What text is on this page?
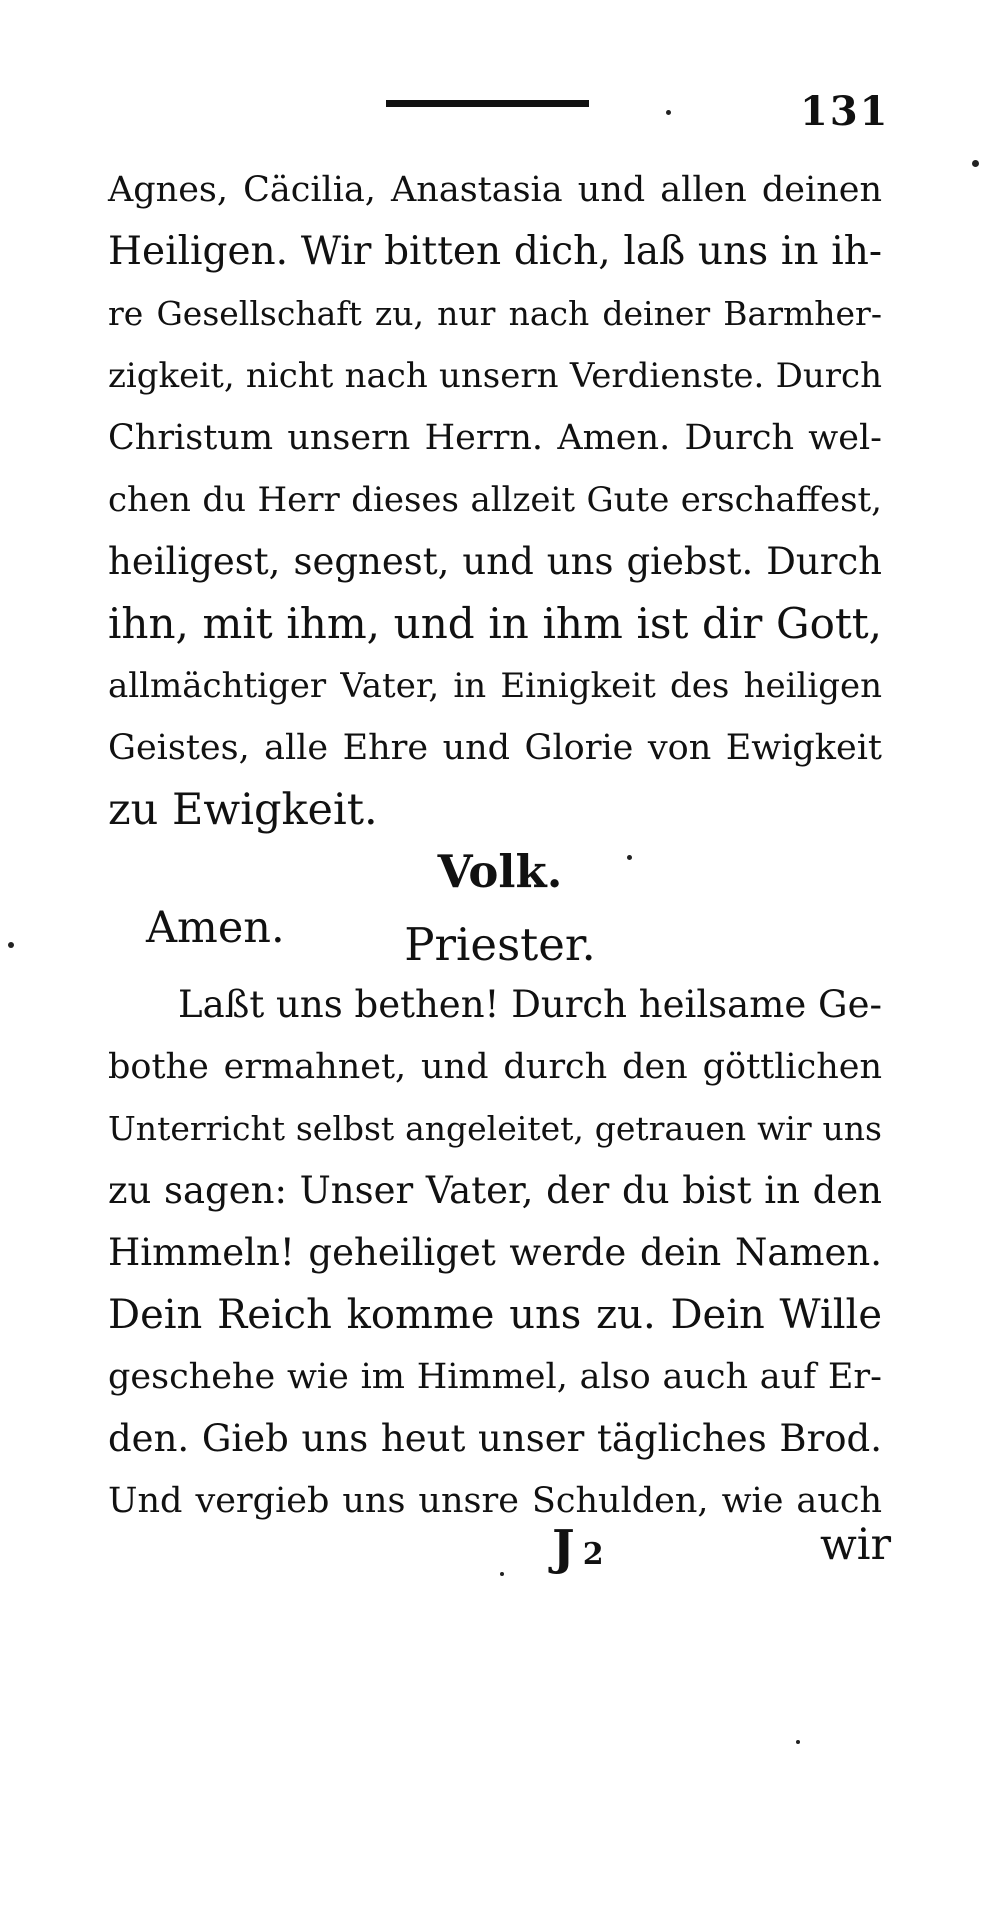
131
Agnes, Cäcilia, Anastasia und allen deinen
Heiligen. Wir bitten dich, laß uns in ih-
re Gesellschaft zu, nur nach deiner Barmher-
zigkeit, nicht nach unsern Verdienste. Durch
Christum unsern Herrn. Amen. Durch wel-
chen du Herr dieses allzeit Gute erschaffest,
heiligest, segnest, und uns giebst. Durch
ihn, mit ihm, und in ihm ist dir Gott,
allmächtiger Vater, in Einigkeit des heiligen
Geistes, alle Ehre und Glorie von Ewigkeit
zu Ewigkeit.
Volk.
Amen.	Priester.
Laßt uns bethen! Durch heilsame Ge-
bothe ermahnet, und durch den göttlichen
Unterricht selbst angeleitet, getrauen wir uns
zu sagen: Unser Vater, der du bist in den
Himmeln! geheiliget werde dein Namen.
Dein Reich komme uns zu. Dein Wille
geschehe wie im Himmel, also auch auf Er-
den. Gieb uns heut unser tägliches Brod.
Und vergieb uns unsre Schulden, wie auch
J 2	wir
